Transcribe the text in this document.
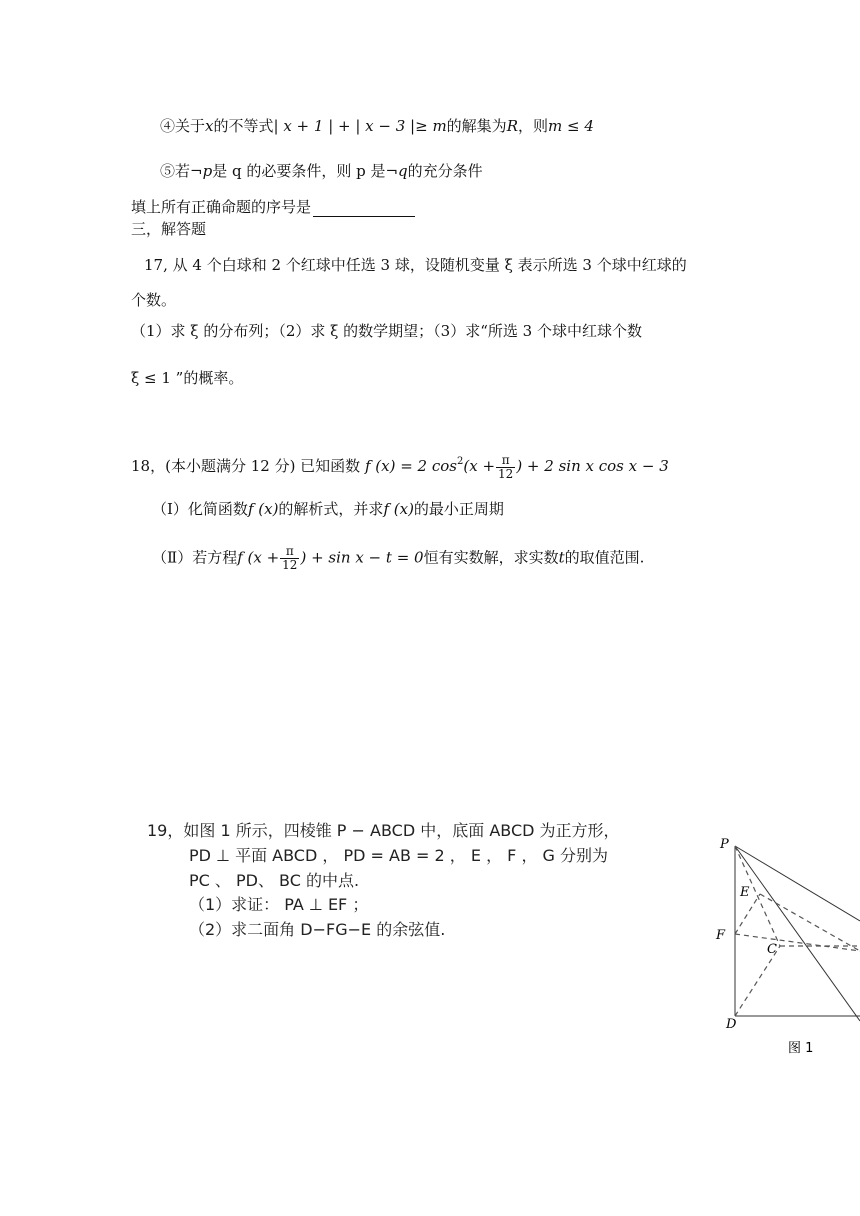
④关于x的不等式| x + 1 | + | x − 3 |≥ m的解集为R，则m ≤ 4
⑤若¬p是 q 的必要条件，则 p 是¬q的充分条件
填上所有正确命题的序号是
三，解答题
17, 从 4 个白球和 2 个红球中任选 3 球，设随机变量 ξ 表示所选 3 个球中红球的
个数。
（1）求 ξ 的分布列；（2）求 ξ 的数学期望；（3）求“所选 3 个球中红球个数
ξ ≤ 1 ”的概率。
18，(本小题满分 12 分) 已知函数 f (x) = 2 $\cos^2(x + \frac{\pi}{12}$ ) + 2 sin x cos x − 3
（Ⅰ）化简函数f (x)的解析式，并求f (x)的最小正周期
（Ⅱ）若方程f ($x + \frac{\pi}{12}$ ) + sin x − t = 0恒有实数解，求实数t的取值范围.
19，如图 1 所示，四棱锥 P − ABCD 中，底面 ABCD 为正方形，
PD ⊥ 平面 ABCD ， PD = AB = 2 ， E ， F ， G 分别为
PC 、 PD、 BC 的中点.
（1）求证： PA ⊥ EF ；
（2）求二面角 D−FG−E 的余弦值.
P
E
F
C
D
图 1
